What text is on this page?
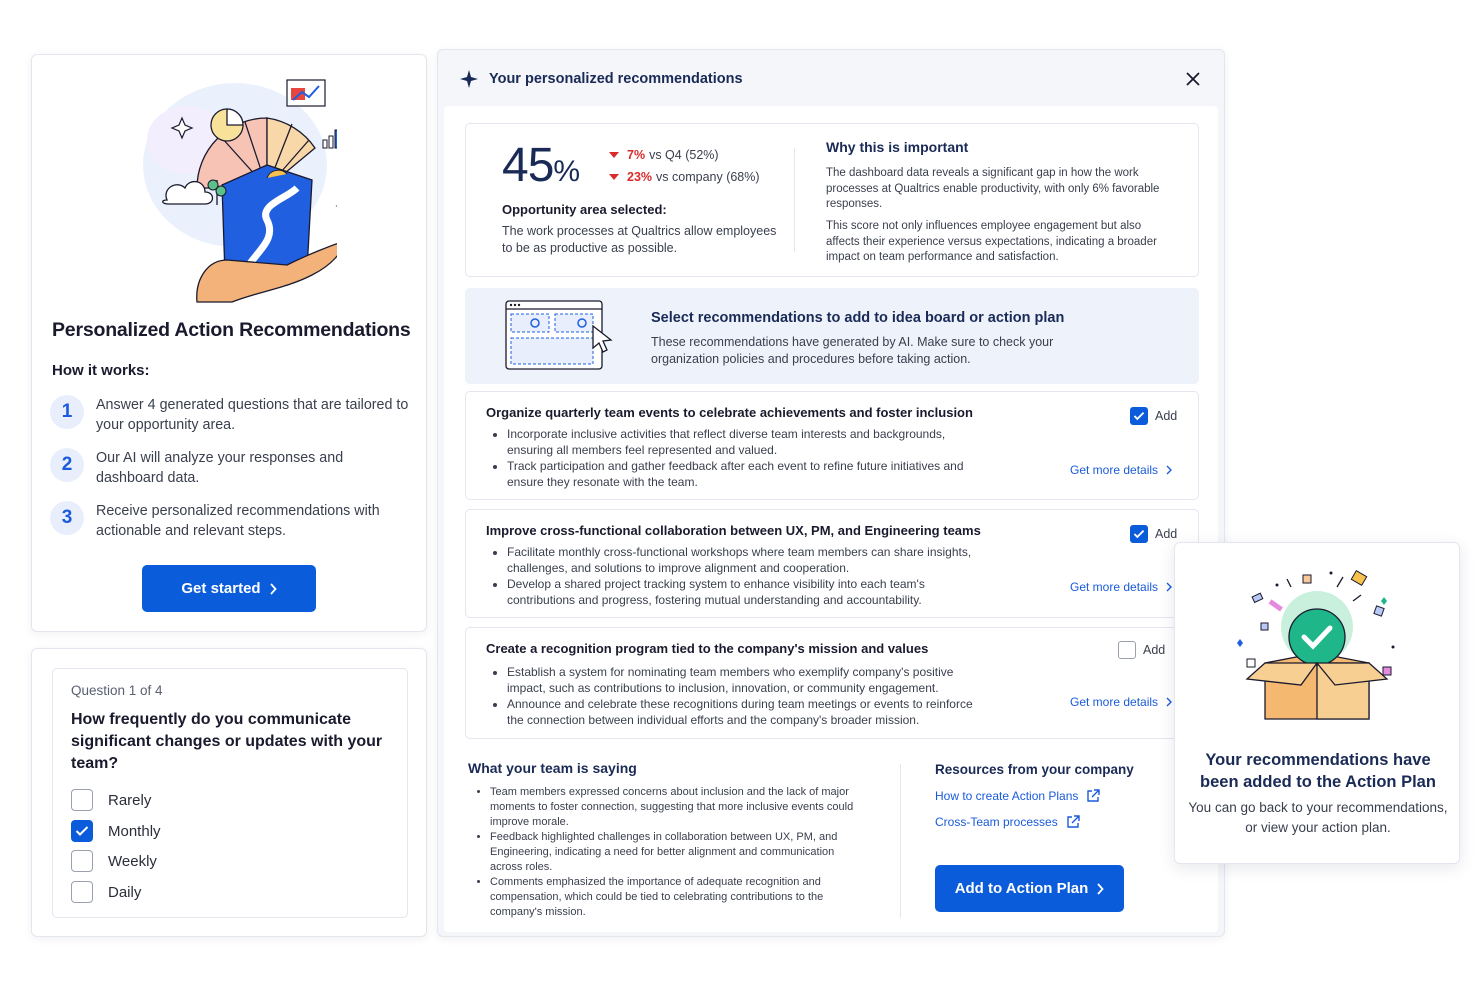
Personalized Action Recommendations
How it works:
1	Answer 4 generated questions that are tailored to your opportunity area.
2	Our AI will analyze your responses and dashboard data.
3	Receive personalized recommendations with actionable and relevant steps.
Get started
Question 1 of 4
How frequently do you communicate significant changes or updates with your team?
Rarely
Monthly
Weekly
Daily
Your personalized recommendations
45%	7% vs Q4 (52%)
23% vs company (68%)
Opportunity area selected:
The work processes at Qualtrics allow employees to be as productive as possible.
Why this is important
The dashboard data reveals a significant gap in how the work processes at Qualtrics enable productivity, with only 6% favorable responses.
This score not only influences employee engagement but also affects their experience versus expectations, indicating a broader impact on team performance and satisfaction.
Select recommendations to add to idea board or action plan
These recommendations have generated by AI. Make sure to check your organization policies and procedures before taking action.
Organize quarterly team events to celebrate achievements and foster inclusion
• Incorporate inclusive activities that reflect diverse team interests and backgrounds, ensuring all members feel represented and valued.
• Track participation and gather feedback after each event to refine future initiatives and ensure they resonate with the team.
Add
Get more details
Improve cross-functional collaboration between UX, PM, and Engineering teams
• Facilitate monthly cross-functional workshops where team members can share insights, challenges, and solutions to improve alignment and cooperation.
• Develop a shared project tracking system to enhance visibility into each team's contributions and progress, fostering mutual understanding and accountability.
Add
Get more details
Create a recognition program tied to the company's mission and values
• Establish a system for nominating team members who exemplify company's positive impact, such as contributions to inclusion, innovation, or community engagement.
• Announce and celebrate these recognitions during team meetings or events to reinforce the connection between individual efforts and the company's broader mission.
Add
Get more details
What your team is saying
• Team members expressed concerns about inclusion and the lack of major moments to foster connection, suggesting that more inclusive events could improve morale.
• Feedback highlighted challenges in collaboration between UX, PM, and Engineering, indicating a need for better alignment and communication across roles.
• Comments emphasized the importance of adequate recognition and compensation, which could be tied to celebrating contributions to the company's mission.
Resources from your company
How to create Action Plans
Cross-Team processes
Add to Action Plan
Your recommendations have been added to the Action Plan
You can go back to your recommendations, or view your action plan.
